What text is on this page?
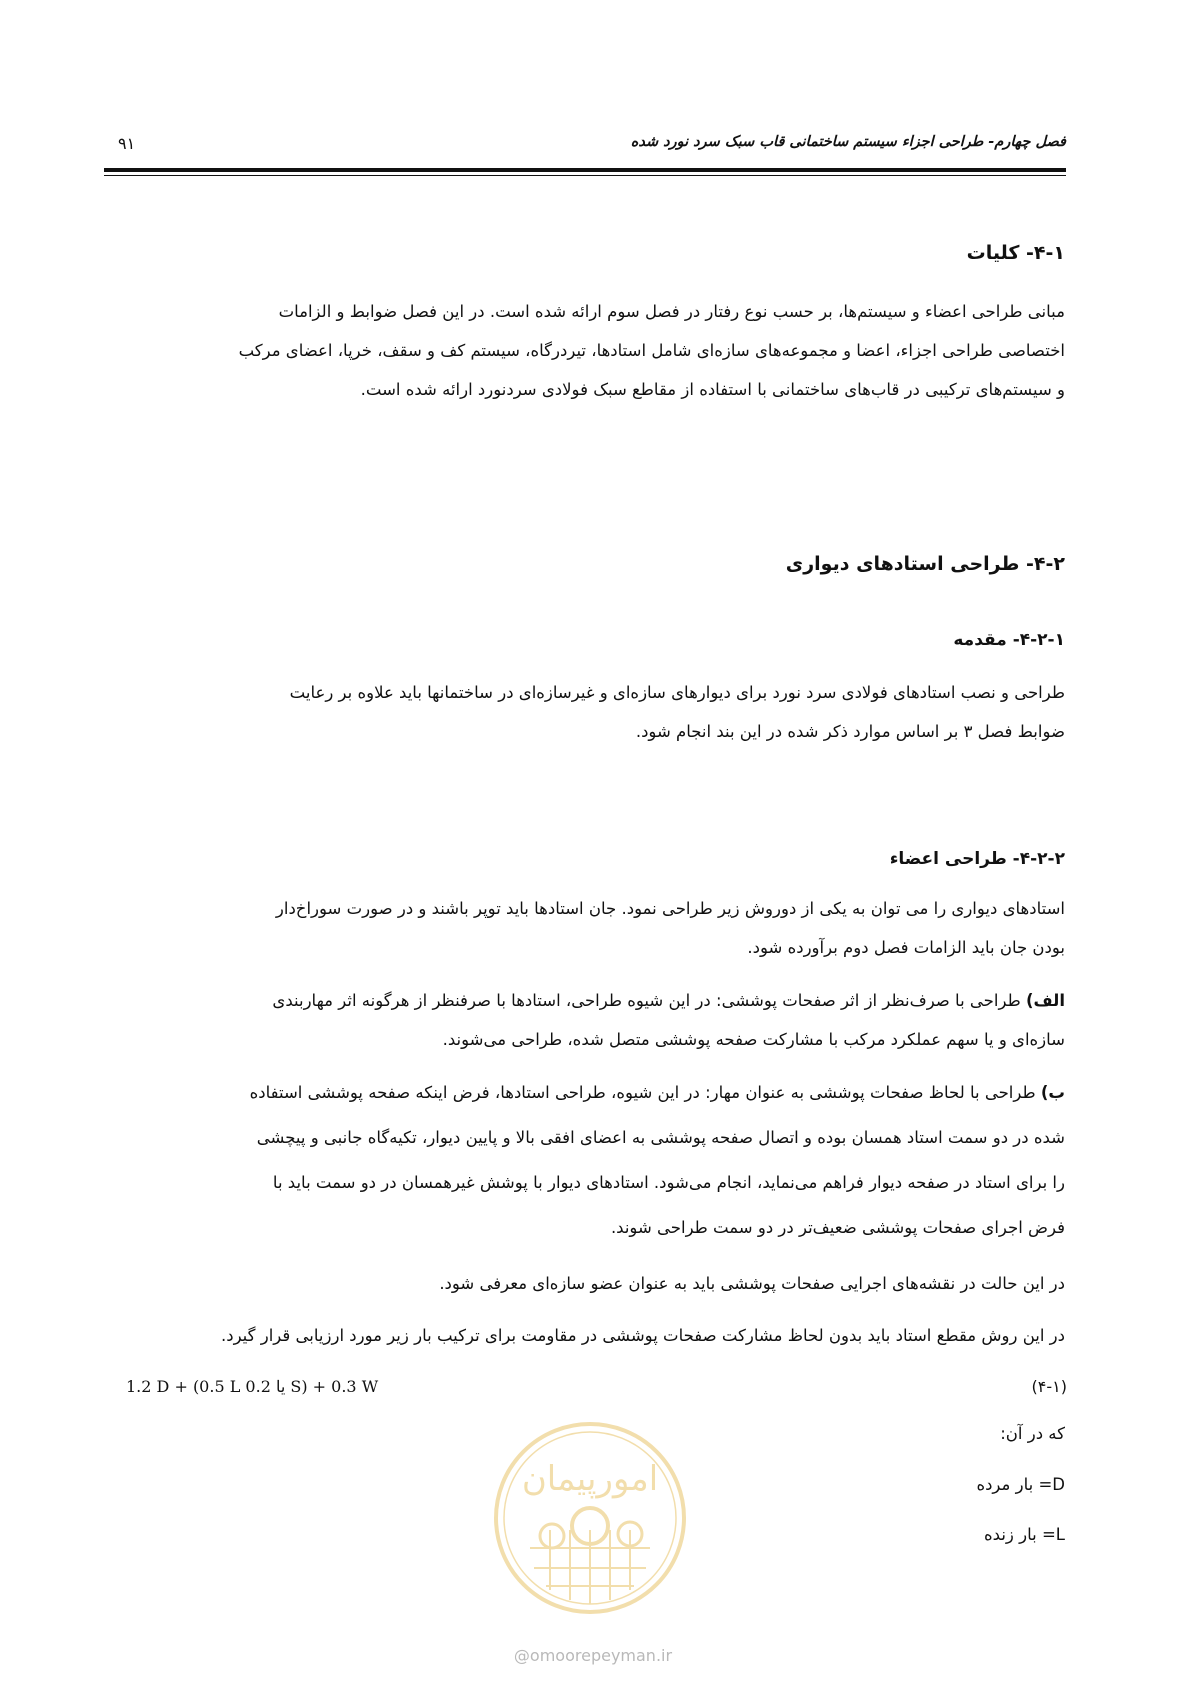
فصل چهارم- طراحی اجزاء سیستم ساختمانی قاب سبک سرد نورد شده
۹۱
۴-۱- کلیات
مبانی طراحی اعضاء و سیستم‌ها، بر حسب نوع رفتار در فصل سوم ارائه شده است. در این فصل ضوابط و الزامات
اختصاصی طراحی اجزاء، اعضا و مجموعه‌های سازه‌ای شامل استادها، تیردرگاه، سیستم کف و سقف، خرپا، اعضای مرکب
و سیستم‌های ترکیبی در قاب‌های ساختمانی با استفاده از مقاطع سبک فولادی سردنورد ارائه شده است.
۴-۲- طراحی استادهای دیواری
۴-۲-۱- مقدمه
طراحی و نصب استادهای فولادی سرد نورد برای دیوارهای سازه‌ای و غیرسازه‌ای در ساختمانها باید علاوه بر رعایت
ضوابط فصل ۳ بر اساس موارد ذکر شده در این بند انجام شود.
۴-۲-۲- طراحی اعضاء
استادهای دیواری را می توان به یکی از دوروش زیر طراحی نمود. جان استادها باید توپر باشند و در صورت سوراخ‌دار
بودن جان باید الزامات فصل دوم برآورده شود.
الف) طراحی با صرف‌نظر از اثر صفحات پوششی: در این شیوه طراحی، استادها با صرفنظر از هرگونه اثر مهاربندی
سازه‌ای و یا سهم عملکرد مرکب با مشارکت صفحه پوششی متصل شده، طراحی می‌شوند.
ب) طراحی با لحاظ صفحات پوششی به عنوان مهار: در این شیوه، طراحی استادها، فرض اینکه صفحه پوششی استفاده
شده در دو سمت استاد همسان بوده و اتصال صفحه پوششی به اعضای افقی بالا و پایین دیوار، تکیه‌گاه جانبی و پیچشی
را برای استاد در صفحه دیوار فراهم می‌نماید، انجام می‌شود. استادهای دیوار با پوشش غیرهمسان در دو سمت باید با
فرض اجرای صفحات پوششی ضعیف‌تر در دو سمت طراحی شوند.
در این حالت در نقشه‌های اجرایی صفحات پوششی باید به عنوان عضو سازه‌ای معرفی شود.
در این روش مقطع استاد باید بدون لحاظ مشارکت صفحات پوششی در مقاومت برای ترکیب بار زیر مورد ارزیابی قرار گیرد.
1.2 D + (0.5 L یا 0.2 S) + 0.3 W	(۴-۱)
که در آن:
D= بار مرده
L= بار زنده
امورپیمان
@omoorepeyman.ir
